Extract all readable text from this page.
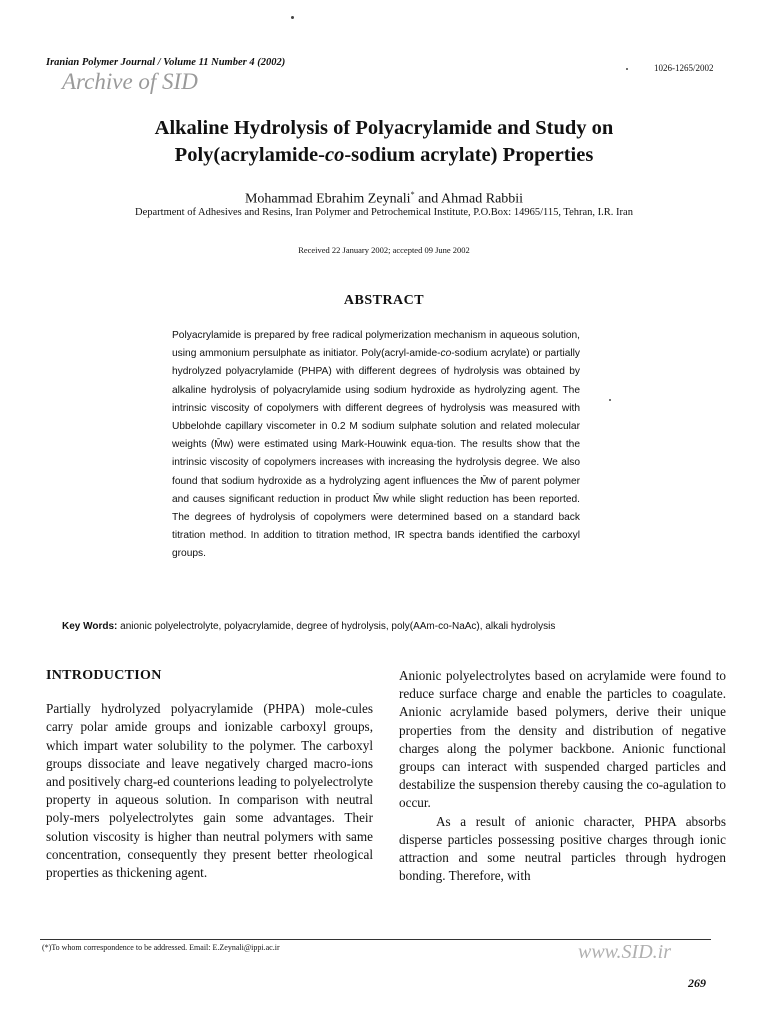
Iranian Polymer Journal / Volume 11 Number 4 (2002)	1026-1265/2002
Archive of SID
Alkaline Hydrolysis of Polyacrylamide and Study on
Poly(acrylamide-co-sodium acrylate) Properties
Mohammad Ebrahim Zeynali* and Ahmad Rabbii
Department of Adhesives and Resins, Iran Polymer and Petrochemical Institute, P.O.Box: 14965/115, Tehran, I.R. Iran
Received 22 January 2002; accepted 09 June 2002
ABSTRACT
Polyacrylamide is prepared by free radical polymerization mechanism in aqueous solution, using ammonium persulphate as initiator. Poly(acryl-amide-co-sodium acrylate) or partially hydrolyzed polyacrylamide (PHPA) with different degrees of hydrolysis was obtained by alkaline hydrolysis of polyacrylamide using sodium hydroxide as hydrolyzing agent. The intrinsic viscosity of copolymers with different degrees of hydrolysis was measured with Ubbelohde capillary viscometer in 0.2 M sodium sulphate solution and related molecular weights (M̄w) were estimated using Mark-Houwink equa-tion. The results show that the intrinsic viscosity of copolymers increases with increasing the hydrolysis degree. We also found that sodium hydroxide as a hydrolyzing agent influences the M̄w of parent polymer and causes significant reduction in product M̄w while slight reduction has been reported. The degrees of hydrolysis of copolymers were determined based on a standard back titration method. In addition to titration method, IR spectra bands identified the carboxyl groups.
Key Words: anionic polyelectrolyte, polyacrylamide, degree of hydrolysis, poly(AAm-co-NaAc), alkali hydrolysis

INTRODUCTION

Partially hydrolyzed polyacrylamide (PHPA) mole-cules carry polar amide groups and ionizable carboxyl groups, which impart water solubility to the polymer. The carboxyl groups dissociate and leave negatively charged macro-ions and positively charg-ed counterions leading to polyelectrolyte property in aqueous solution. In comparison with neutral poly-mers polyelectrolytes gain some advantages. Their solution viscosity is higher than neutral polymers with same concentration, consequently they present better rheological properties as thickening agent.

Anionic polyelectrolytes based on acrylamide were found to reduce surface charge and enable the particles to coagulate. Anionic acrylamide based polymers, derive their unique properties from the density and distribution of negative charges along the polymer backbone. Anionic functional groups can interact with suspended charged particles and destabilize the suspension thereby causing the co-agulation to occur.

As a result of anionic character, PHPA absorbs disperse particles possessing positive charges through ionic attraction and some neutral particles through hydrogen bonding. Therefore, with

(*)To whom correspondence to be addressed. Email: E.Zeynali@ippi.ac.ir	www.SID.ir
269
